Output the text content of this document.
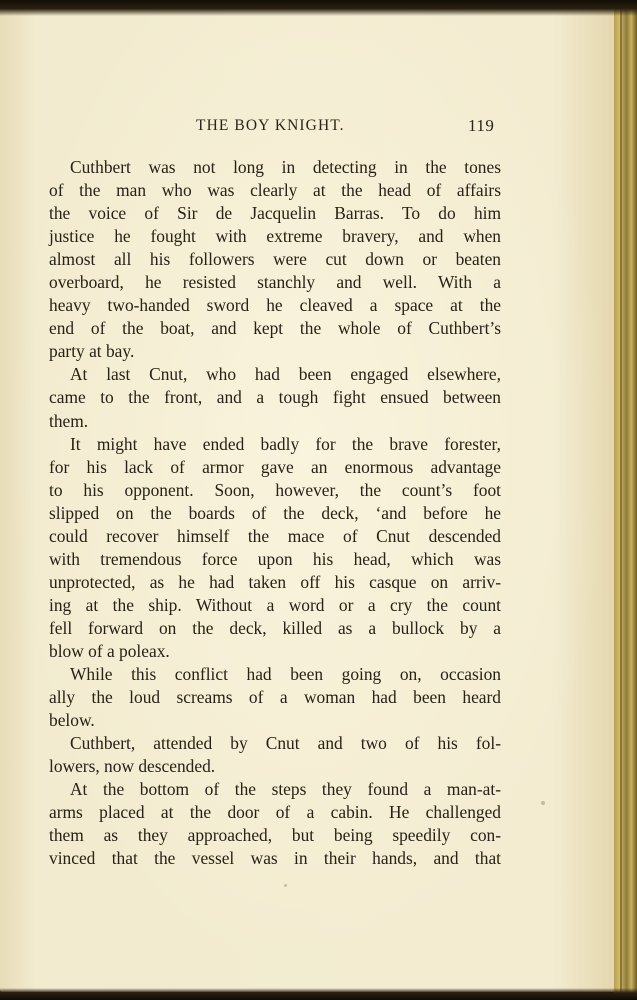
THE BOY KNIGHT.	119
Cuthbert was not long in detecting in the tones
of the man who was clearly at the head of affairs
the voice of Sir de Jacquelin Barras. To do him
justice he fought with extreme bravery, and when
almost all his followers were cut down or beaten
overboard, he resisted stanchly and well. With a
heavy two-handed sword he cleaved a space at the
end of the boat, and kept the whole of Cuthbert’s
party at bay.
At last Cnut, who had been engaged elsewhere,
came to the front, and a tough fight ensued between
them.
It might have ended badly for the brave forester,
for his lack of armor gave an enormous advantage
to his opponent. Soon, however, the count’s foot
slipped on the boards of the deck, ‘and before he
could recover himself the mace of Cnut descended
with tremendous force upon his head, which was
unprotected, as he had taken off his casque on arriv-
ing at the ship. Without a word or a cry the count
fell forward on the deck, killed as a bullock by a
blow of a poleax.
While this conflict had been going on, occasion
ally the loud screams of a woman had been heard
below.
Cuthbert, attended by Cnut and two of his fol-
lowers, now descended.
At the bottom of the steps they found a man-at-
arms placed at the door of a cabin. He challenged
them as they approached, but being speedily con-
vinced that the vessel was in their hands, and that
